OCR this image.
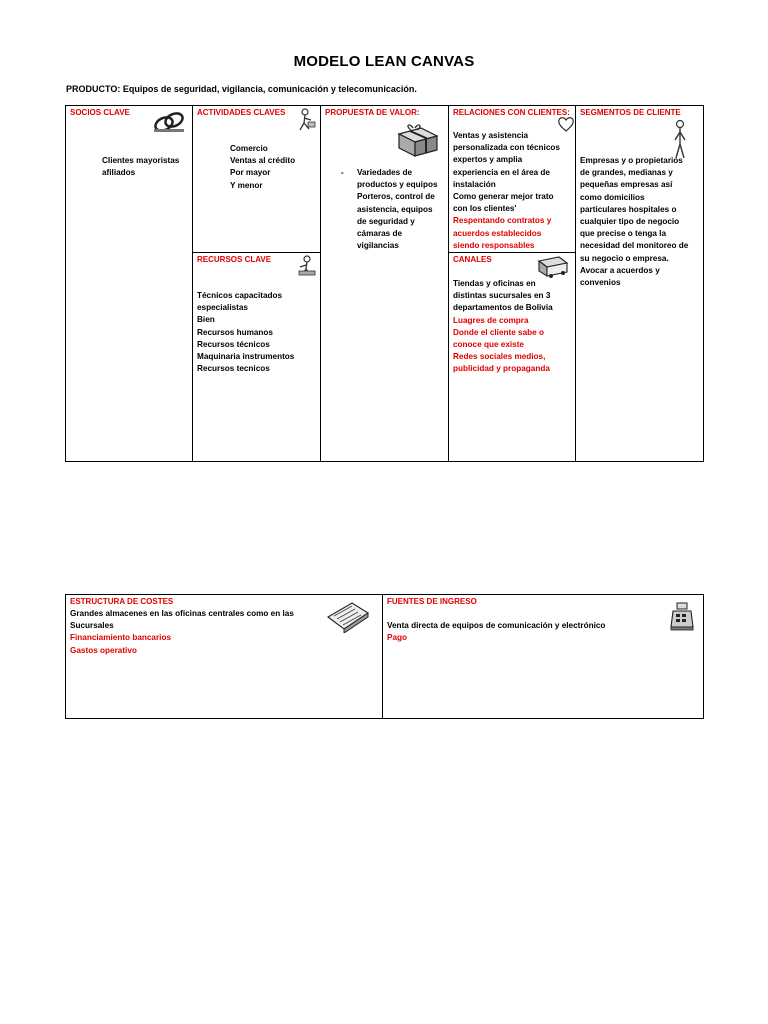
MODELO LEAN CANVAS
PRODUCTO: Equipos de seguridad, vigilancia, comunicación y telecomunicación.
SOCIOS CLAVE
Clientes mayoristas
afiliados
ACTIVIDADES CLAVES
Comercio
Ventas al crédito
Por mayor
Y menor
RECURSOS CLAVE
Técnicos capacitados
especialistas
Bien
Recursos humanos
Recursos técnicos
Maquinaria instrumentos
Recursos tecnicos
PROPUESTA DE VALOR:
- Variedades de
productos y equipos
Porteros, control de
asistencia, equipos
de seguridad y
cámaras de
vigilancias
RELACIONES CON CLIENTES:
Ventas y asistencia
personalizada con técnicos
expertos y amplia
experiencia en el área de
instalación
Como generar mejor trato
con los clientes'
Respentando contratos y
acuerdos establecidos
siendo responsables
CANALES
Tiendas y oficinas en
distintas sucursales en 3
departamentos de Bolivia
Luagres de compra
Donde el cliente sabe o
conoce que existe
Redes sociales medios,
publicidad y propaganda
SEGMENTOS DE CLIENTE
Empresas y o propietarios
de grandes, medianas y
pequeñas empresas así
como domicilios
particulares hospitales o
cualquier tipo de negocio
que precise o tenga la
necesidad del monitoreo de
su negocio o empresa.
Avocar a acuerdos y
convenios
ESTRUCTURA DE COSTES
Grandes almacenes en las oficinas centrales como en las
Sucursales
Financiamiento bancarios
Gastos operativo
FUENTES DE INGRESO
Venta directa de equipos de comunicación y electrónico
Pago
